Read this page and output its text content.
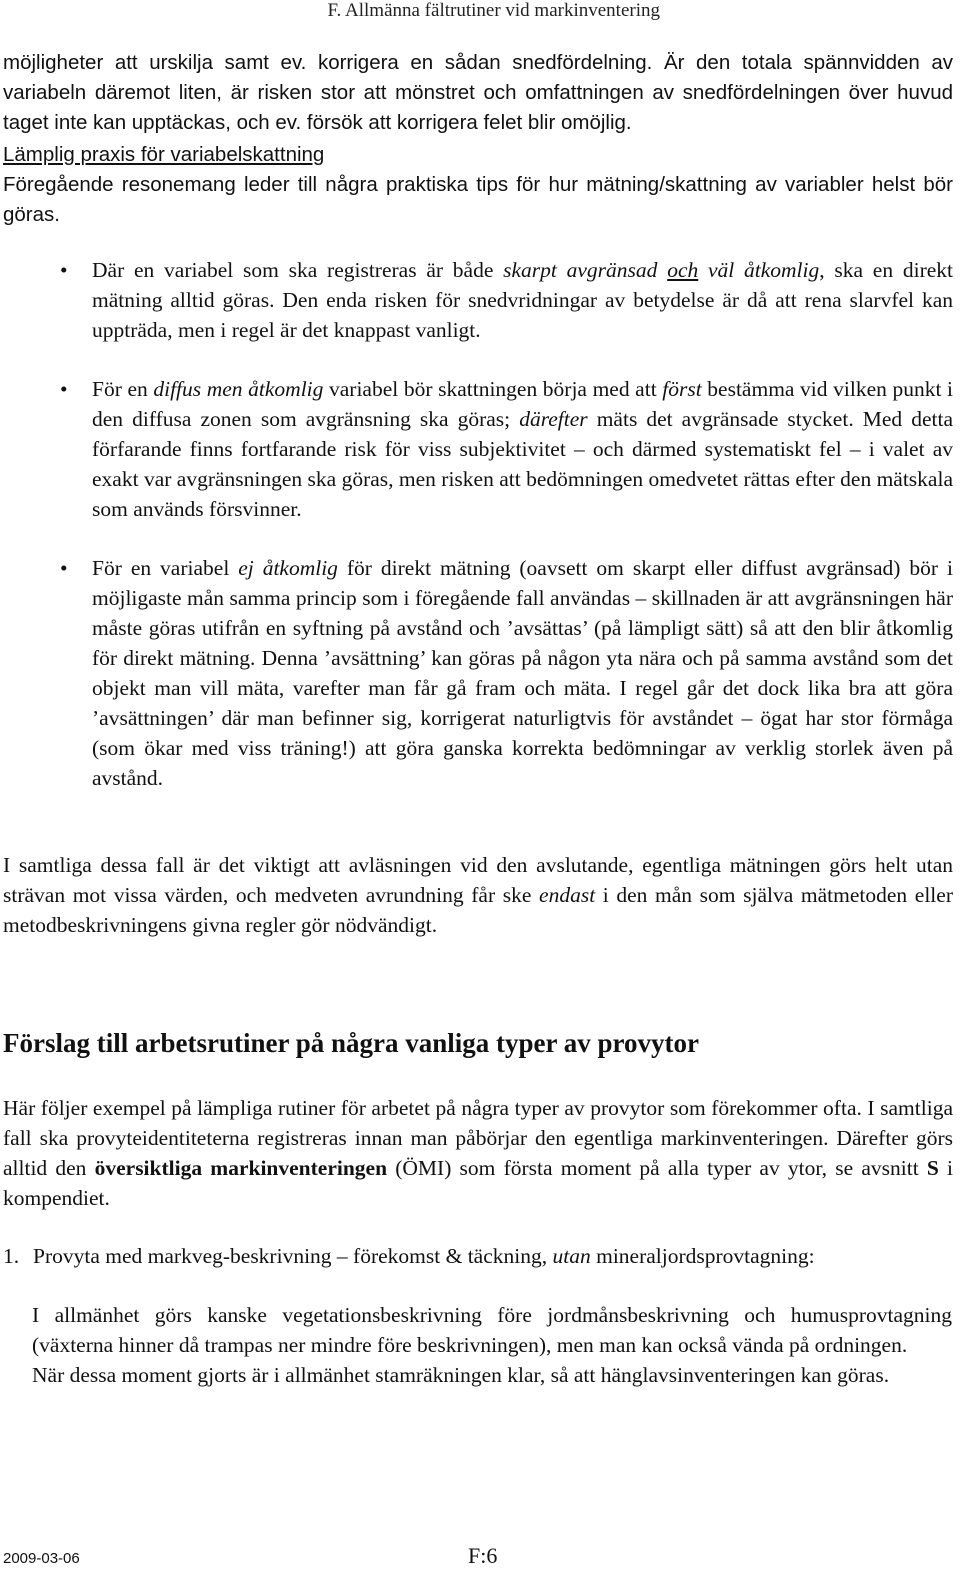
F. Allmänna fältrutiner vid markinventering
möjligheter att urskilja samt ev. korrigera en sådan snedfördelning. Är den totala spännvidden av variabeln däremot liten, är risken stor att mönstret och omfattningen av snedfördelningen över huvud taget inte kan upptäckas, och ev. försök att korrigera felet blir omöjlig.
Lämplig praxis för variabelskattning

Föregående resonemang leder till några praktiska tips för hur mätning/skattning av variabler helst bör göras.

• Där en variabel som ska registreras är både skarpt avgränsad och väl åtkomlig, ska en direkt mätning alltid göras. Den enda risken för snedvridningar av betydelse är då att rena slarvfel kan uppträda, men i regel är det knappast vanligt.
• För en diffus men åtkomlig variabel bör skattningen börja med att först bestämma vid vilken punkt i den diffusa zonen som avgränsning ska göras; därefter mäts det avgränsade stycket. Med detta förfarande finns fortfarande risk för viss subjektivitet – och därmed systematiskt fel – i valet av exakt var avgränsningen ska göras, men risken att bedömningen omedvetet rättas efter den mätskala som används försvinner.
• För en variabel ej åtkomlig för direkt mätning (oavsett om skarpt eller diffust avgränsad) bör i möjligaste mån samma princip som i föregående fall användas – skillnaden är att avgränsningen här måste göras utifrån en syftning på avstånd och ’avsättas’ (på lämpligt sätt) så att den blir åtkomlig för direkt mätning. Denna ’avsättning’ kan göras på någon yta nära och på samma avstånd som det objekt man vill mäta, varefter man får gå fram och mäta. I regel går det dock lika bra att göra ’avsättningen’ där man befinner sig, korrigerat naturligtvis för avståndet – ögat har stor förmåga (som ökar med viss träning!) att göra ganska korrekta bedömningar av verklig storlek även på avstånd.

I samtliga dessa fall är det viktigt att avläsningen vid den avslutande, egentliga mätningen görs helt utan strävan mot vissa värden, och medveten avrundning får ske endast i den mån som själva mätmetoden eller metodbeskrivningens givna regler gör nödvändigt.

Förslag till arbetsrutiner på några vanliga typer av provytor

Här följer exempel på lämpliga rutiner för arbetet på några typer av provytor som förekommer ofta. I samtliga fall ska provyteidentiteterna registreras innan man påbörjar den egentliga markinventeringen. Därefter görs alltid den översiktliga markinventeringen (ÖMI) som första moment på alla typer av ytor, se avsnitt S i kompendiet.

1. Provyta med markveg-beskrivning – förekomst & täckning, utan mineraljordsprovtagning:

I allmänhet görs kanske vegetationsbeskrivning före jordmånsbeskrivning och humusprovtagning (växterna hinner då trampas ner mindre före beskrivningen), men man kan också vända på ordningen.

När dessa moment gjorts är i allmänhet stamräkningen klar, så att hänglavsinventeringen kan göras.

2009-03-06	F:6
